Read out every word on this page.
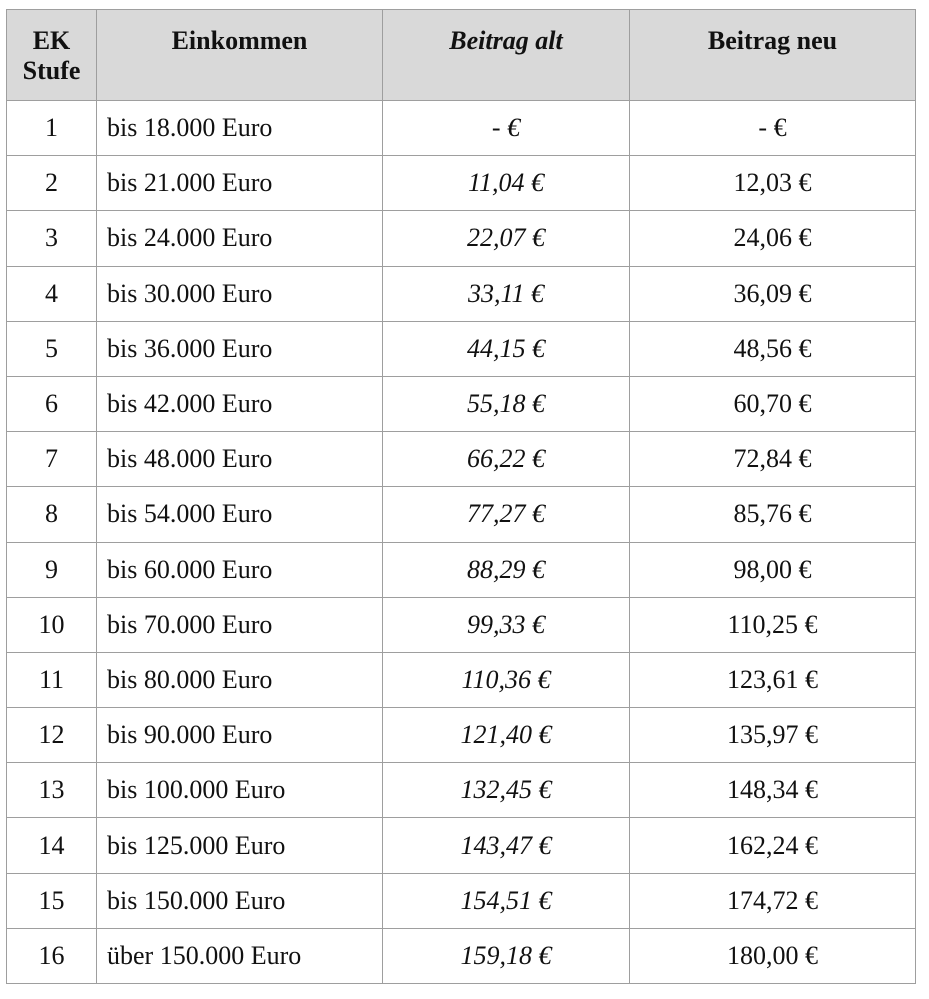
EK
Stufe	Einkommen	Beitrag alt	Beitrag neu
1	bis 18.000 Euro	- €	- €
2	bis 21.000 Euro	11,04 €	12,03 €
3	bis 24.000 Euro	22,07 €	24,06 €
4	bis 30.000 Euro	33,11 €	36,09 €
5	bis 36.000 Euro	44,15 €	48,56 €
6	bis 42.000 Euro	55,18 €	60,70 €
7	bis 48.000 Euro	66,22 €	72,84 €
8	bis 54.000 Euro	77,27 €	85,76 €
9	bis 60.000 Euro	88,29 €	98,00 €
10	bis 70.000 Euro	99,33 €	110,25 €
11	bis 80.000 Euro	110,36 €	123,61 €
12	bis 90.000 Euro	121,40 €	135,97 €
13	bis 100.000 Euro	132,45 €	148,34 €
14	bis 125.000 Euro	143,47 €	162,24 €
15	bis 150.000 Euro	154,51 €	174,72 €
16	über 150.000 Euro	159,18 €	180,00 €
